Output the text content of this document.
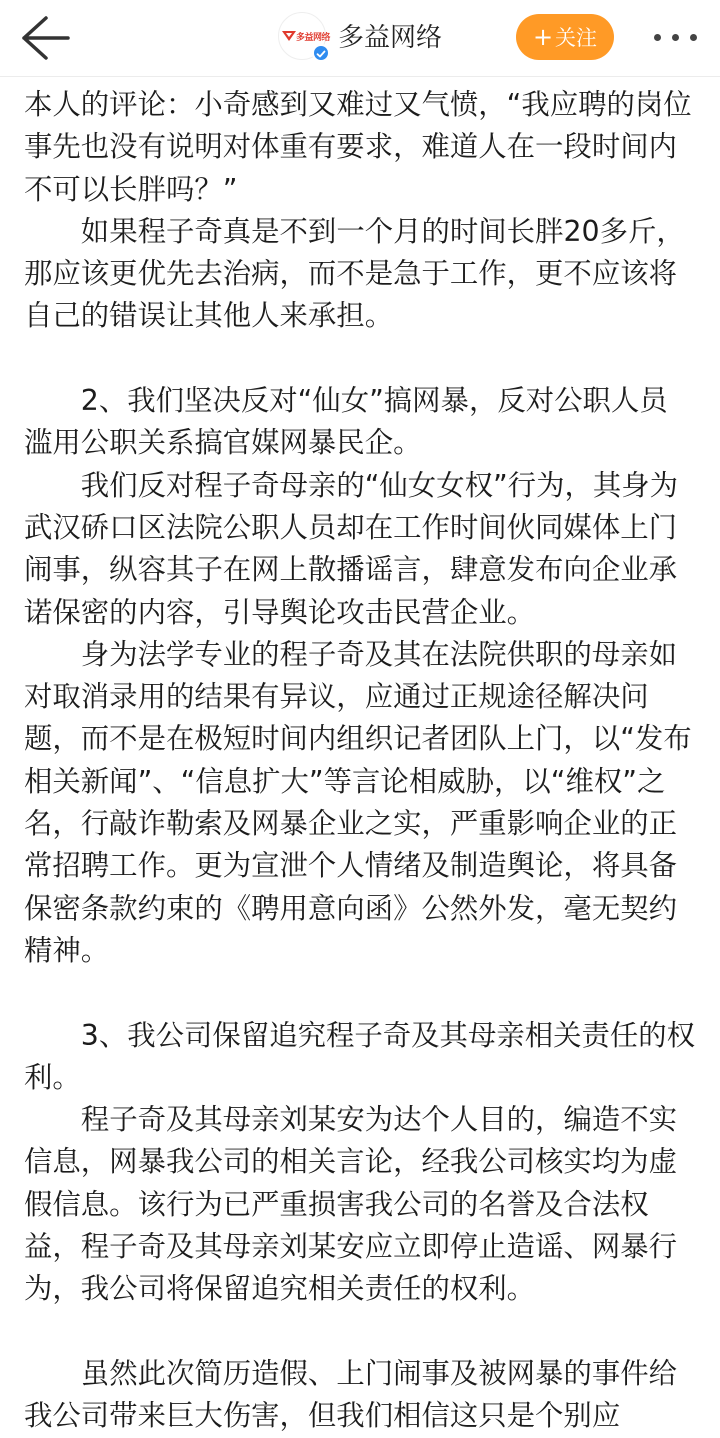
多益网络 多益网络	+关注

本人的评论：小奇感到又难过又气愤，“我应聘的岗位事先也没有说明对体重有要求，难道人在一段时间内不可以长胖吗？”

如果程子奇真是不到一个月的时间长胖20多斤，那应该更优先去治病，而不是急于工作，更不应该将自己的错误让其他人来承担。

2、我们坚决反对“仙女”搞网暴，反对公职人员滥用公职关系搞官媒网暴民企。

我们反对程子奇母亲的“仙女女权”行为，其身为武汉硚口区法院公职人员却在工作时间伙同媒体上门闹事，纵容其子在网上散播谣言，肆意发布向企业承诺保密的内容，引导舆论攻击民营企业。

身为法学专业的程子奇及其在法院供职的母亲如对取消录用的结果有异议，应通过正规途径解决问题，而不是在极短时间内组织记者团队上门，以“发布相关新闻”、“信息扩大”等言论相威胁，以“维权”之名，行敲诈勒索及网暴企业之实，严重影响企业的正常招聘工作。更为宣泄个人情绪及制造舆论，将具备保密条款约束的《聘用意向函》公然外发，毫无契约精神。

3、我公司保留追究程子奇及其母亲相关责任的权利。

程子奇及其母亲刘某安为达个人目的，编造不实信息，网暴我公司的相关言论，经我公司核实均为虚假信息。该行为已严重损害我公司的名誉及合法权益，程子奇及其母亲刘某安应立即停止造谣、网暴行为，我公司将保留追究相关责任的权利。

虽然此次简历造假、上门闹事及被网暴的事件给我公司带来巨大伤害，但我们相信这只是个别应
